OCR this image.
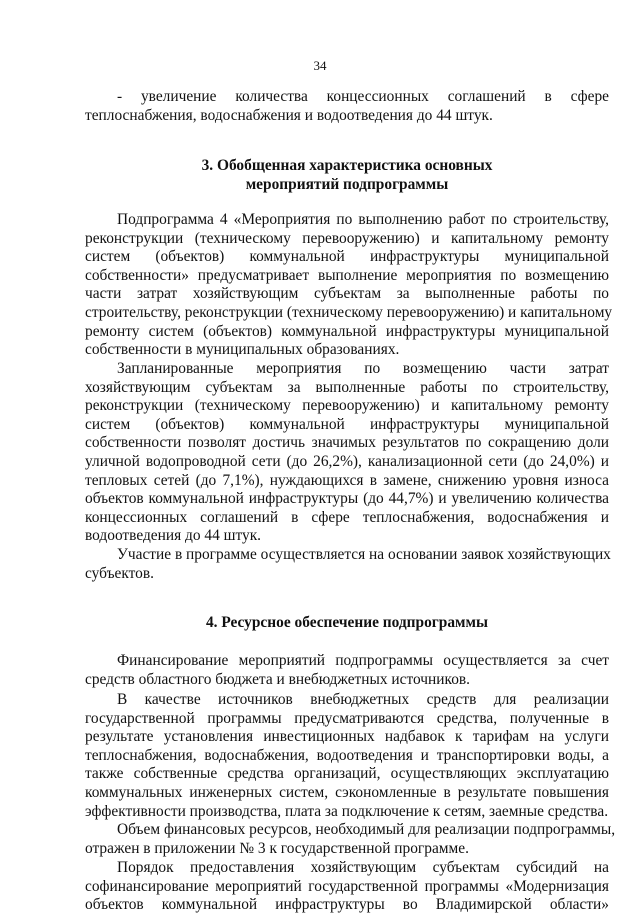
34
- увеличение количества концессионных соглашений в сфере
теплоснабжения, водоснабжения и водоотведения до 44 штук.
3. Обобщенная характеристика основных
мероприятий подпрограммы
Подпрограмма 4 «Мероприятия по выполнению работ по строительству,
реконструкции (техническому перевооружению) и капитальному ремонту
систем (объектов) коммунальной инфраструктуры муниципальной
собственности» предусматривает выполнение мероприятия по возмещению
части затрат хозяйствующим субъектам за выполненные работы по
строительству, реконструкции (техническому перевооружению) и капитальному
ремонту систем (объектов) коммунальной инфраструктуры муниципальной
собственности в муниципальных образованиях.
Запланированные мероприятия по возмещению части затрат
хозяйствующим субъектам за выполненные работы по строительству,
реконструкции (техническому перевооружению) и капитальному ремонту
систем (объектов) коммунальной инфраструктуры муниципальной
собственности позволят достичь значимых результатов по сокращению доли
уличной водопроводной сети (до 26,2%), канализационной сети (до 24,0%) и
тепловых сетей (до 7,1%), нуждающихся в замене, снижению уровня износа
объектов коммунальной инфраструктуры (до 44,7%) и увеличению количества
концессионных соглашений в сфере теплоснабжения, водоснабжения и
водоотведения до 44 штук.
Участие в программе осуществляется на основании заявок хозяйствующих
субъектов.
4. Ресурсное обеспечение подпрограммы
Финансирование мероприятий подпрограммы осуществляется за счет
средств областного бюджета и внебюджетных источников.
В качестве источников внебюджетных средств для реализации
государственной программы предусматриваются средства, полученные в
результате установления инвестиционных надбавок к тарифам на услуги
теплоснабжения, водоснабжения, водоотведения и транспортировки воды, а
также собственные средства организаций, осуществляющих эксплуатацию
коммунальных инженерных систем, сэкономленные в результате повышения
эффективности производства, плата за подключение к сетям, заемные средства.
Объем финансовых ресурсов, необходимый для реализации подпрограммы,
отражен в приложении № 3 к государственной программе.
Порядок предоставления хозяйствующим субъектам субсидий на
софинансирование мероприятий государственной программы «Модернизация
объектов коммунальной инфраструктуры во Владимирской области»
